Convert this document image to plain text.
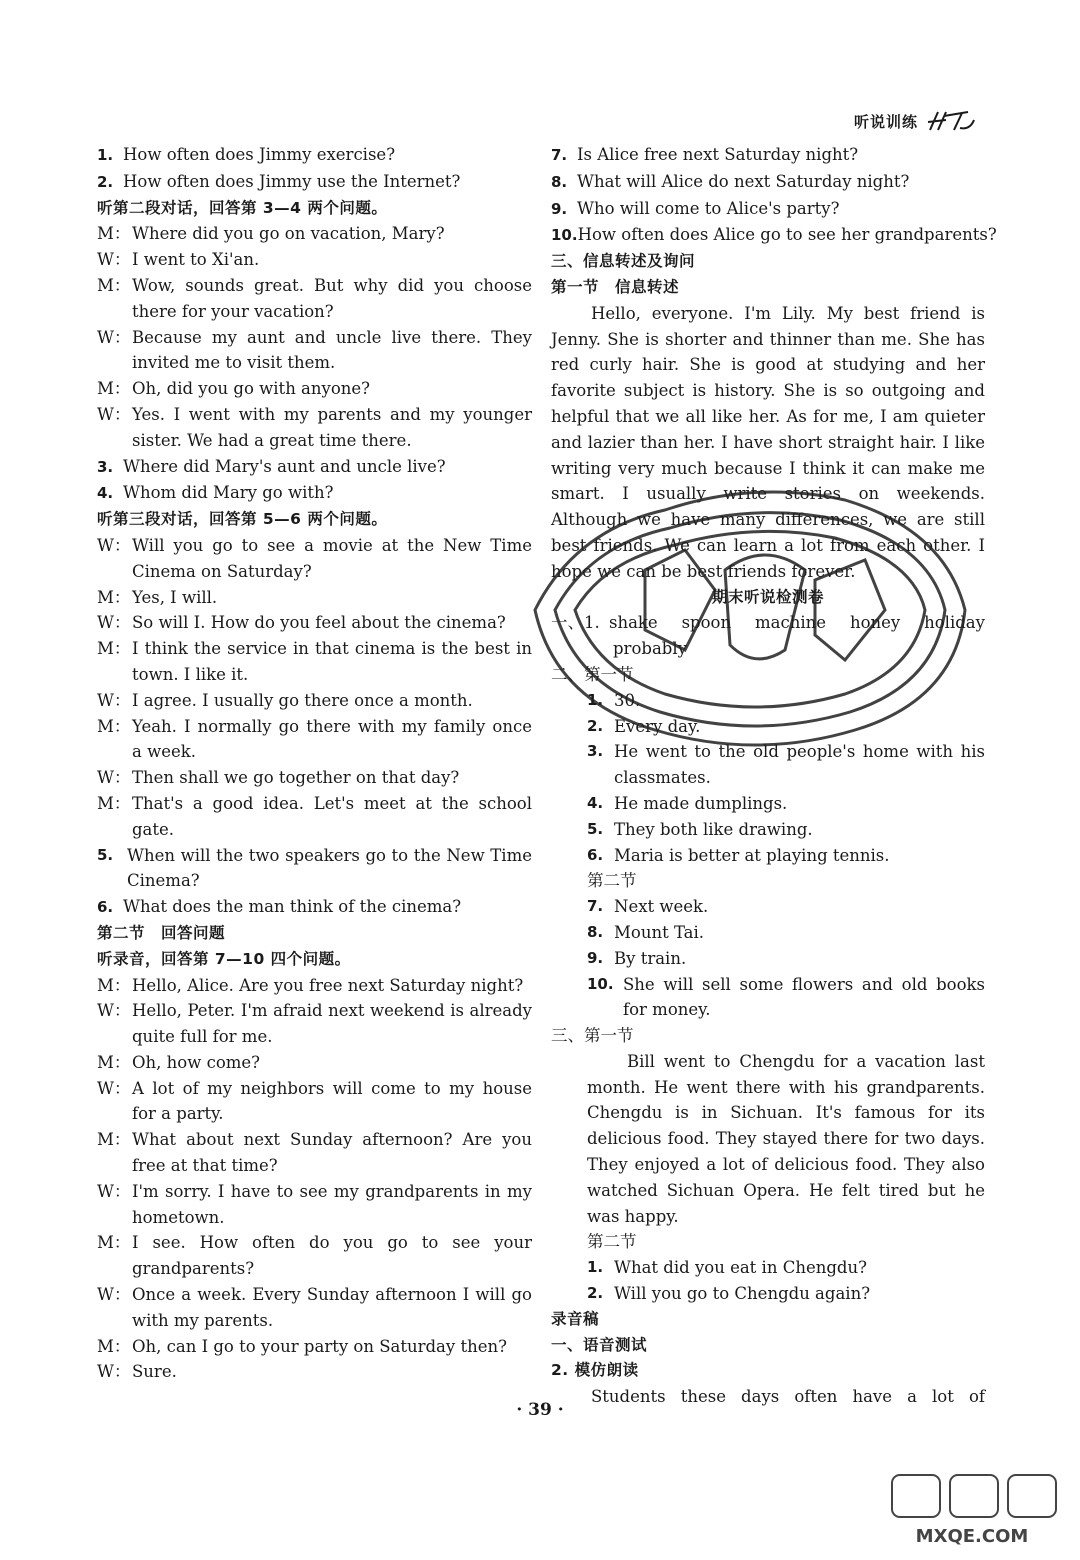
听说训练
1. How often does Jimmy exercise?
2. How often does Jimmy use the Internet?
听第二段对话，回答第 3—4 两个问题。
M： Where did you go on vacation, Mary?
W： I went to Xi'an.
M： Wow, sounds great. But why did you choose there for your vacation?
W： Because my aunt and uncle live there. They invited me to visit them.
M： Oh, did you go with anyone?
W： Yes. I went with my parents and my younger sister. We had a great time there.
3. Where did Mary's aunt and uncle live?
4. Whom did Mary go with?
听第三段对话，回答第 5—6 两个问题。
W： Will you go to see a movie at the New Time Cinema on Saturday?
M： Yes, I will.
W： So will I. How do you feel about the cinema?
M： I think the service in that cinema is the best in town. I like it.
W： I agree. I usually go there once a month.
M： Yeah. I normally go there with my family once a week.
W： Then shall we go together on that day?
M： That's a good idea. Let's meet at the school gate.
5. When will the two speakers go to the New Time Cinema?
6. What does the man think of the cinema?
第二节　回答问题
听录音，回答第 7—10 四个问题。
M： Hello, Alice. Are you free next Saturday night?
W： Hello, Peter. I'm afraid next weekend is already quite full for me.
M： Oh, how come?
W： A lot of my neighbors will come to my house for a party.
M： What about next Sunday afternoon? Are you free at that time?
W： I'm sorry. I have to see my grandparents in my hometown.
M： I see. How often do you go to see your grandparents?
W： Once a week. Every Sunday afternoon I will go with my parents.
M： Oh, can I go to your party on Saturday then?
W： Sure.
7. Is Alice free next Saturday night?
8. What will Alice do next Saturday night?
9. Who will come to Alice's party?
10.How often does Alice go to see her grandparents?
三、信息转述及询问
第一节　信息转述
Hello, everyone. I'm Lily. My best friend is Jenny. She is shorter and thinner than me. She has red curly hair. She is good at studying and her favorite subject is history. She is so outgoing and helpful that we all like her. As for me, I am quieter and lazier than her. I have short straight hair. I like writing very much because I think it can make me smart. I usually write stories on weekends. Although we have many differences, we are still best friends. We can learn a lot from each other. I hope we can be best friends forever.
期末听说检测卷
一、1. shake spoon machine honey holiday
probably
二、第一节
1. 30.
2. Every day.
3. He went to the old people's home with his classmates.
4. He made dumplings.
5. They both like drawing.
6. Maria is better at playing tennis.
第二节
7. Next week.
8. Mount Tai.
9. By train.
10. She will sell some flowers and old books for money.
三、第一节
Bill went to Chengdu for a vacation last month. He went there with his grandparents. Chengdu is in Sichuan. It's famous for its delicious food. They stayed there for two days. They enjoyed a lot of delicious food. They also watched Sichuan Opera. He felt tired but he was happy.
第二节
1. What did you eat in Chengdu?
2. Will you go to Chengdu again?
录音稿
一、语音测试
2. 模仿朗读
Students these days often have a lot of
· 39 ·
MXQE.COM
